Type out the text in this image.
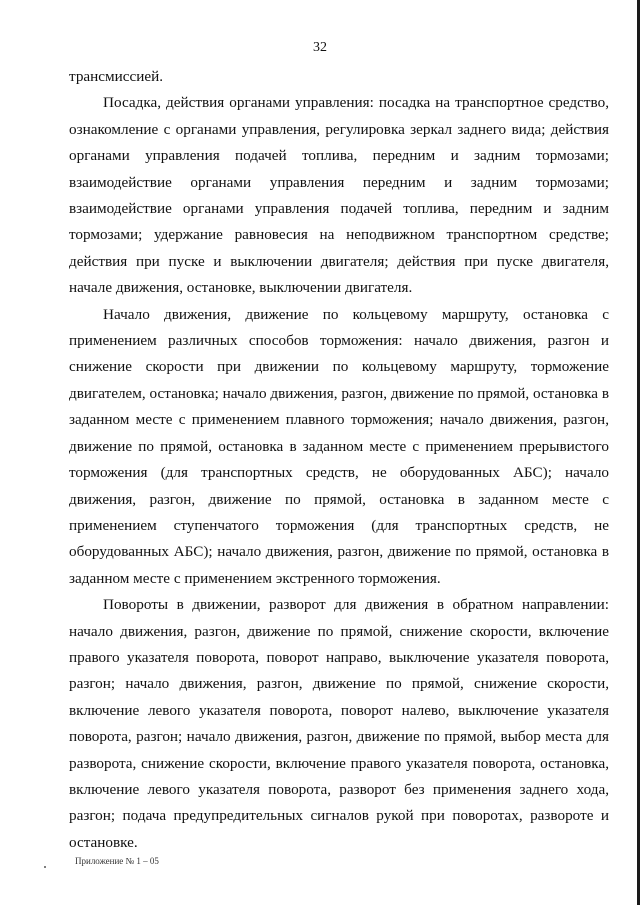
32

трансмиссией.

Посадка, действия органами управления: посадка на транспортное средство, ознакомление с органами управления, регулировка зеркал заднего вида; действия органами управления подачей топлива, передним и задним тормозами; взаимодействие органами управления передним и задним тормозами; взаимодействие органами управления подачей топлива, передним и задним тормозами; удержание равновесия на неподвижном транспортном средстве; действия при пуске и выключении двигателя; действия при пуске двигателя, начале движения, остановке, выключении двигателя.

Начало движения, движение по кольцевому маршруту, остановка с применением различных способов торможения: начало движения, разгон и снижение скорости при движении по кольцевому маршруту, торможение двигателем, остановка; начало движения, разгон, движение по прямой, остановка в заданном месте с применением плавного торможения; начало движения, разгон, движение по прямой, остановка в заданном месте с применением прерывистого торможения (для транспортных средств, не оборудованных АБС); начало движения, разгон, движение по прямой, остановка в заданном месте с применением ступенчатого торможения (для транспортных средств, не оборудованных АБС); начало движения, разгон, движение по прямой, остановка в заданном месте с применением экстренного торможения.

Повороты в движении, разворот для движения в обратном направлении: начало движения, разгон, движение по прямой, снижение скорости, включение правого указателя поворота, поворот направо, выключение указателя поворота, разгон; начало движения, разгон, движение по прямой, снижение скорости, включение левого указателя поворота, поворот налево, выключение указателя поворота, разгон; начало движения, разгон, движение по прямой, выбор места для разворота, снижение скорости, включение правого указателя поворота, остановка, включение левого указателя поворота, разворот без применения заднего хода, разгон; подача предупредительных сигналов рукой при поворотах, развороте и остановке.

Приложение № 1 – 05
